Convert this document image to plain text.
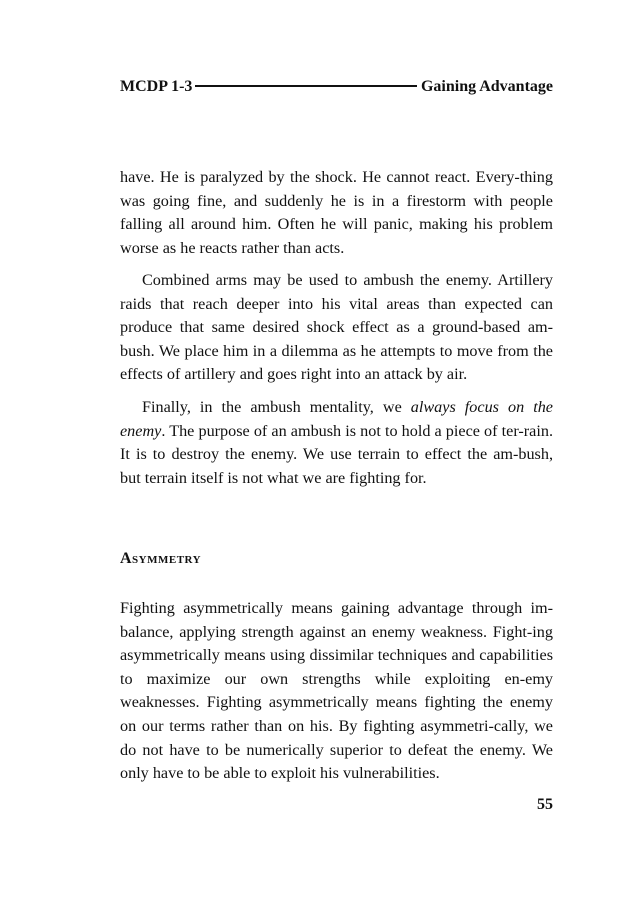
MCDP 1-3	Gaining Advantage

have. He is paralyzed by the shock. He cannot react. Every-thing was going fine, and suddenly he is in a firestorm with people falling all around him. Often he will panic, making his problem worse as he reacts rather than acts.

Combined arms may be used to ambush the enemy. Artillery raids that reach deeper into his vital areas than expected can produce that same desired shock effect as a ground-based am-bush. We place him in a dilemma as he attempts to move from the effects of artillery and goes right into an attack by air.

Finally, in the ambush mentality, we always focus on the enemy. The purpose of an ambush is not to hold a piece of ter-rain. It is to destroy the enemy. We use terrain to effect the am-bush, but terrain itself is not what we are fighting for.

Asymmetry

Fighting asymmetrically means gaining advantage through im-balance, applying strength against an enemy weakness. Fight-ing asymmetrically means using dissimilar techniques and capabilities to maximize our own strengths while exploiting en-emy weaknesses. Fighting asymmetrically means fighting the enemy on our terms rather than on his. By fighting asymmetri-cally, we do not have to be numerically superior to defeat the enemy. We only have to be able to exploit his vulnerabilities.

55
